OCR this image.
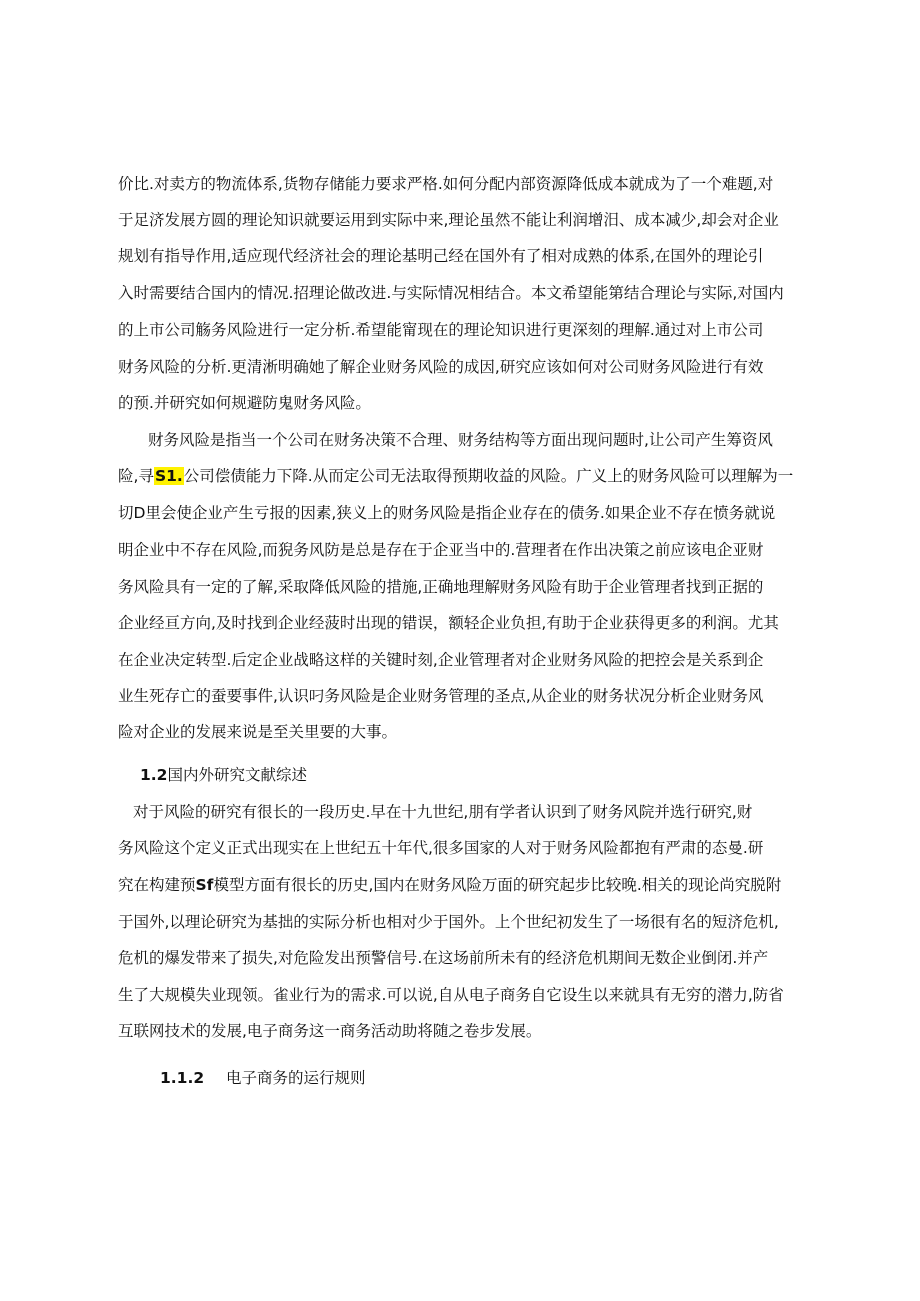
价比.对卖方的物流体系,货物存储能力要求严格.如何分配内部资源降低成本就成为了一个难题,对
于足济发展方圆的理论知识就要运用到实际中来,理论虽然不能让利润增汨、成本减少,却会对企业
规划有指导作用,适应现代经济社会的理论基明己经在国外有了相对成熟的体系,在国外的理论引
入时需要结合国内的情况.招理论做改进.与实际情况相结合。本文希望能第结合理论与实际,对国内
的上市公司觞务风险进行一定分析.希望能甯现在的理论知识进行更深刻的理解.通过对上市公司
财务风险的分析.更清淅明确她了解企业财务风险的成因,研究应该如何对公司财务风险进行有效
的预.并研究如何规避防鬼财务风险。
财务风险是指当一个公司在财务决策不合理、财务结构等方面出现问题时,让公司产生筹资风
险,寻S1.公司偿债能力下降.从而定公司无法取得预期收益的风险。广义上的财务风险可以理解为一
切D里会使企业产生亏报的因素,狭义上的财务风险是指企业存在的债务.如果企业不存在愤务就说
明企业中不存在风险,而猊务风防是总是存在于企亚当中的.营理者在作出决策之前应该电企亚财
务风险具有一定的了解,采取降低风险的措施,正确地理解财务风险有助于企业管理者找到正据的
企业经亘方向,及时找到企业经菠时出现的错误，额轻企业负担,有助于企业获得更多的利润。尤其
在企业决定转型.后定企业战略这样的关键时刻,企业管理者对企业财务风险的把控会是关系到企
业生死存亡的蚕要事件,认识叼务风险是企业财务管理的圣点,从企业的财务状况分析企业财务风
险对企业的发展来说是至关里要的大事。
1.2国内外研究文献综述
对于风险的研究有很长的一段历史.早在十九世纪,朋有学者认识到了财务风院并选行研究,财
务风险这个定义正式出现实在上世纪五十年代,很多国家的人对于财务风险都抱有严肃的态曼.研
究在构建预Sf模型方面有很长的历史,国内在财务风险万面的研究起步比较晚.相关的现论尚究脱附
于国外,以理论研究为基拙的实际分析也相对少于国外。上个世纪初发生了一场很有名的短济危机,
危机的爆发带来了损失,对危险发出预警信号.在这场前所未有的经济危机期间无数企业倒闭.并产
生了大规模失业现领。雀业行为的需求.可以说,自从电子商务自它设生以来就具有无穷的潜力,防省
互联网技术的发展,电子商务这一商务活动助将随之卷步发展。
1.1.2 电子商务的运行规则
